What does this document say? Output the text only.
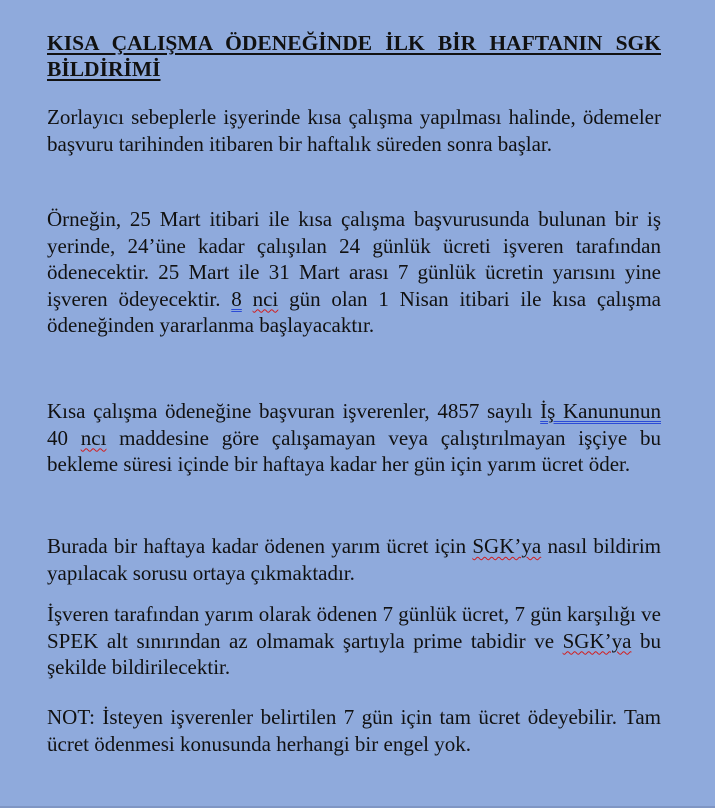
KISA ÇALIŞMA ÖDENEĞİNDE İLK BİR HAFTANIN SGK BİLDİRİMİ
Zorlayıcı sebeplerle işyerinde kısa çalışma yapılması halinde, ödemeler başvuru tarihinden itibaren bir haftalık süreden sonra başlar.
Örneğin, 25 Mart itibari ile kısa çalışma başvurusunda bulunan bir iş yerinde, 24’üne kadar çalışılan 24 günlük ücreti işveren tarafından ödenecektir. 25 Mart ile 31 Mart arası 7 günlük ücretin yarısını yine işveren ödeyecektir. 8 nci gün olan 1 Nisan itibari ile kısa çalışma ödeneğinden yararlanma başlayacaktır.
Kısa çalışma ödeneğine başvuran işverenler, 4857 sayılı İş Kanununun 40 ncı maddesine göre çalışamayan veya çalıştırılmayan işçiye bu bekleme süresi içinde bir haftaya kadar her gün için yarım ücret öder.
Burada bir haftaya kadar ödenen yarım ücret için SGK’ya nasıl bildirim yapılacak sorusu ortaya çıkmaktadır.
İşveren tarafından yarım olarak ödenen 7 günlük ücret, 7 gün karşılığı ve SPEK alt sınırından az olmamak şartıyla prime tabidir ve SGK’ya bu şekilde bildirilecektir.
NOT: İsteyen işverenler belirtilen 7 gün için tam ücret ödeyebilir. Tam ücret ödenmesi konusunda herhangi bir engel yok.
